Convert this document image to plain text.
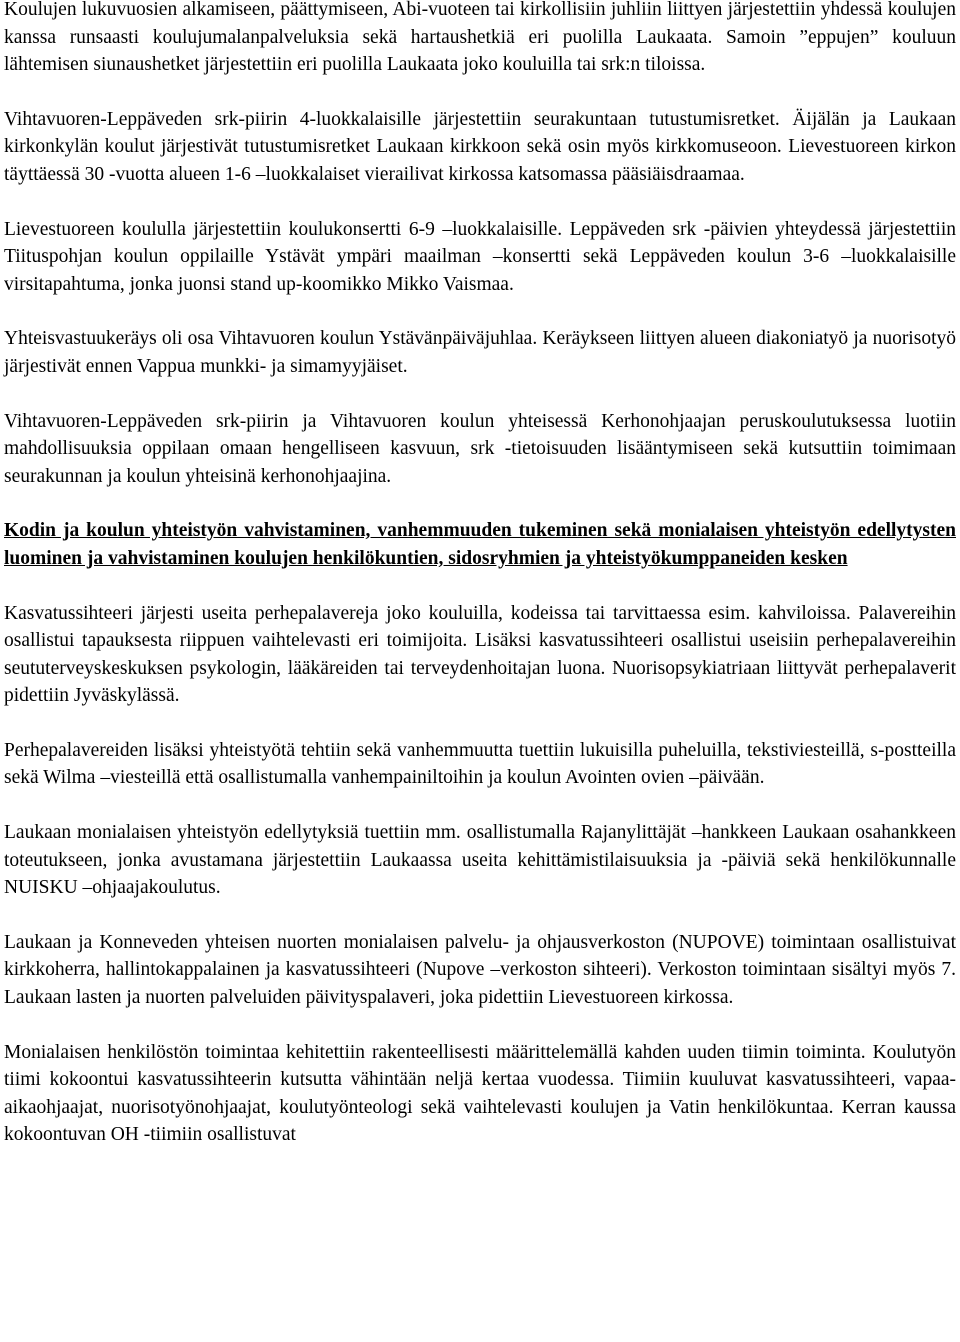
Koulujen lukuvuosien alkamiseen, päättymiseen, Abi-vuoteen tai kirkollisiin juhliin liittyen järjestettiin yhdessä koulujen kanssa runsaasti koulujumalanpalveluksia sekä hartaushetkiä eri puolilla Laukaata. Samoin ”eppujen” kouluun lähtemisen siunaushetket järjestettiin eri puolilla Laukaata joko kouluilla tai srk:n tiloissa.

Vihtavuoren-Leppäveden srk-piirin 4-luokkalaisille järjestettiin seurakuntaan tutustumisretket. Äijälän ja Laukaan kirkonkylän koulut järjestivät tutustumisretket Laukaan kirkkoon sekä osin myös kirkkomuseoon. Lievestuoreen kirkon täyttäessä 30 -vuotta alueen 1-6 –luokkalaiset vierailivat kirkossa katsomassa pääsiäisdraamaa.

Lievestuoreen koululla järjestettiin koulukonsertti 6-9 –luokkalaisille. Leppäveden srk -päivien yhteydessä järjestettiin Tiituspohjan koulun oppilaille Ystävät ympäri maailman –konsertti sekä Leppäveden koulun 3-6 –luokkalaisille virsitapahtuma, jonka juonsi stand up-koomikko Mikko Vaismaa.

Yhteisvastuukeräys oli osa Vihtavuoren koulun Ystävänpäiväjuhlaa. Keräykseen liittyen alueen diakoniatyö ja nuorisotyö järjestivät ennen Vappua munkki- ja simamyyjäiset.

Vihtavuoren-Leppäveden srk-piirin ja Vihtavuoren koulun yhteisessä Kerhonohjaajan peruskoulutuksessa luotiin mahdollisuuksia oppilaan omaan hengelliseen kasvuun, srk -tietoisuuden lisääntymiseen sekä kutsuttiin toimimaan seurakunnan ja koulun yhteisinä kerhonohjaajina.

Kodin ja koulun yhteistyön vahvistaminen, vanhemmuuden tukeminen sekä monialaisen yhteistyön edellytysten luominen ja vahvistaminen koulujen henkilökuntien, sidosryhmien ja yhteistyökumppaneiden kesken

Kasvatussihteeri järjesti useita perhepalavereja joko kouluilla, kodeissa tai tarvittaessa esim. kahviloissa. Palavereihin osallistui tapauksesta riippuen vaihtelevasti eri toimijoita. Lisäksi kasvatussihteeri osallistui useisiin perhepalavereihin seututerveyskeskuksen psykologin, lääkäreiden tai terveydenhoitajan luona. Nuorisopsykiatriaan liittyvät perhepalaverit pidettiin Jyväskylässä.

Perhepalavereiden lisäksi yhteistyötä tehtiin sekä vanhemmuutta tuettiin lukuisilla puheluilla, tekstiviesteillä, s-postteilla sekä Wilma –viesteillä että osallistumalla vanhempainiltoihin ja koulun Avointen ovien –päivään.

Laukaan monialaisen yhteistyön edellytyksiä tuettiin mm. osallistumalla Rajanylittäjät –hankkeen Laukaan osahankkeen toteutukseen, jonka avustamana järjestettiin Laukaassa useita kehittämistilaisuuksia ja -päiviä sekä henkilökunnalle NUISKU –ohjaajakoulutus.

Laukaan ja Konneveden yhteisen nuorten monialaisen palvelu- ja ohjausverkoston (NUPOVE) toimintaan osallistuivat kirkkoherra, hallintokappalainen ja kasvatussihteeri (Nupove –verkoston sihteeri). Verkoston toimintaan sisältyi myös 7. Laukaan lasten ja nuorten palveluiden päivityspalaveri, joka pidettiin Lievestuoreen kirkossa.

Monialaisen henkilöstön toimintaa kehitettiin rakenteellisesti määrittelemällä kahden uuden tiimin toiminta. Koulutyön tiimi kokoontui kasvatussihteerin kutsutta vähintään neljä kertaa vuodessa. Tiimiin kuuluvat kasvatussihteeri, vapaa-aikaohjaajat, nuorisotyönohjaajat, koulutyönteologi sekä vaihtelevasti koulujen ja Vatin henkilökuntaa. Kerran kaussa kokoontuvan OH -tiimiin osallistuvat
